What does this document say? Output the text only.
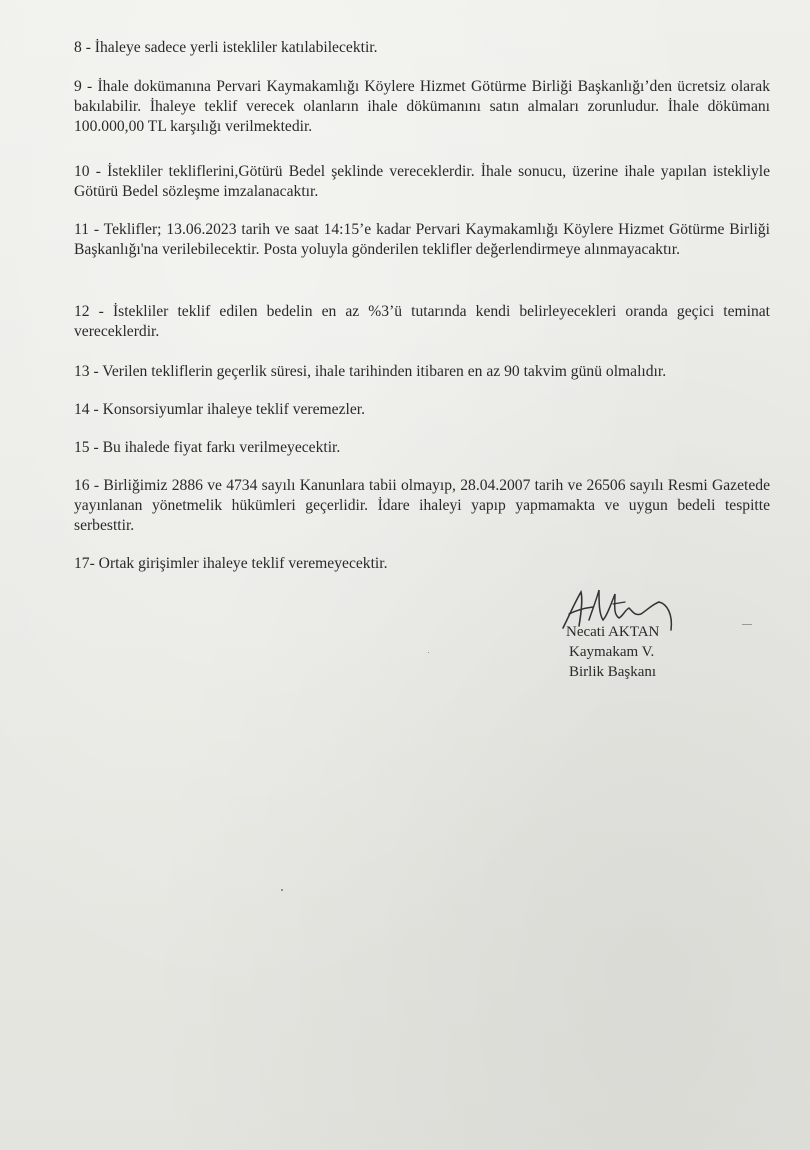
8 - İhaleye sadece yerli istekliler katılabilecektir.

9 - İhale dokümanına Pervari Kaymakamlığı Köylere Hizmet Götürme Birliği Başkanlığı’den ücretsiz olarak bakılabilir. İhaleye teklif verecek olanların ihale dökümanını satın almaları zorunludur. İhale dökümanı 100.000,00 TL karşılığı verilmektedir.

10 - İstekliler tekliflerini,Götürü Bedel şeklinde vereceklerdir. İhale sonucu, üzerine ihale yapılan istekliyle Götürü Bedel sözleşme imzalanacaktır.

11 - Teklifler; 13.06.2023 tarih ve saat 14:15’e kadar Pervari Kaymakamlığı Köylere Hizmet Götürme Birliği Başkanlığı'na verilebilecektir. Posta yoluyla gönderilen teklifler değerlendirmeye alınmayacaktır.

12 - İstekliler teklif edilen bedelin en az %3’ü tutarında kendi belirleyecekleri oranda geçici teminat vereceklerdir.

13 - Verilen tekliflerin geçerlik süresi, ihale tarihinden itibaren en az 90 takvim günü olmalıdır.

14 - Konsorsiyumlar ihaleye teklif veremezler.

15 - Bu ihalede fiyat farkı verilmeyecektir.

16 - Birliğimiz 2886 ve 4734 sayılı Kanunlara tabii olmayıp, 28.04.2007 tarih ve 26506 sayılı Resmi Gazetede yayınlanan yönetmelik hükümleri geçerlidir. İdare ihaleyi yapıp yapmamakta ve uygun bedeli tespitte serbesttir.

17- Ortak girişimler ihaleye teklif veremeyecektir.

Necati AKTAN
Kaymakam V.
Birlik Başkanı
